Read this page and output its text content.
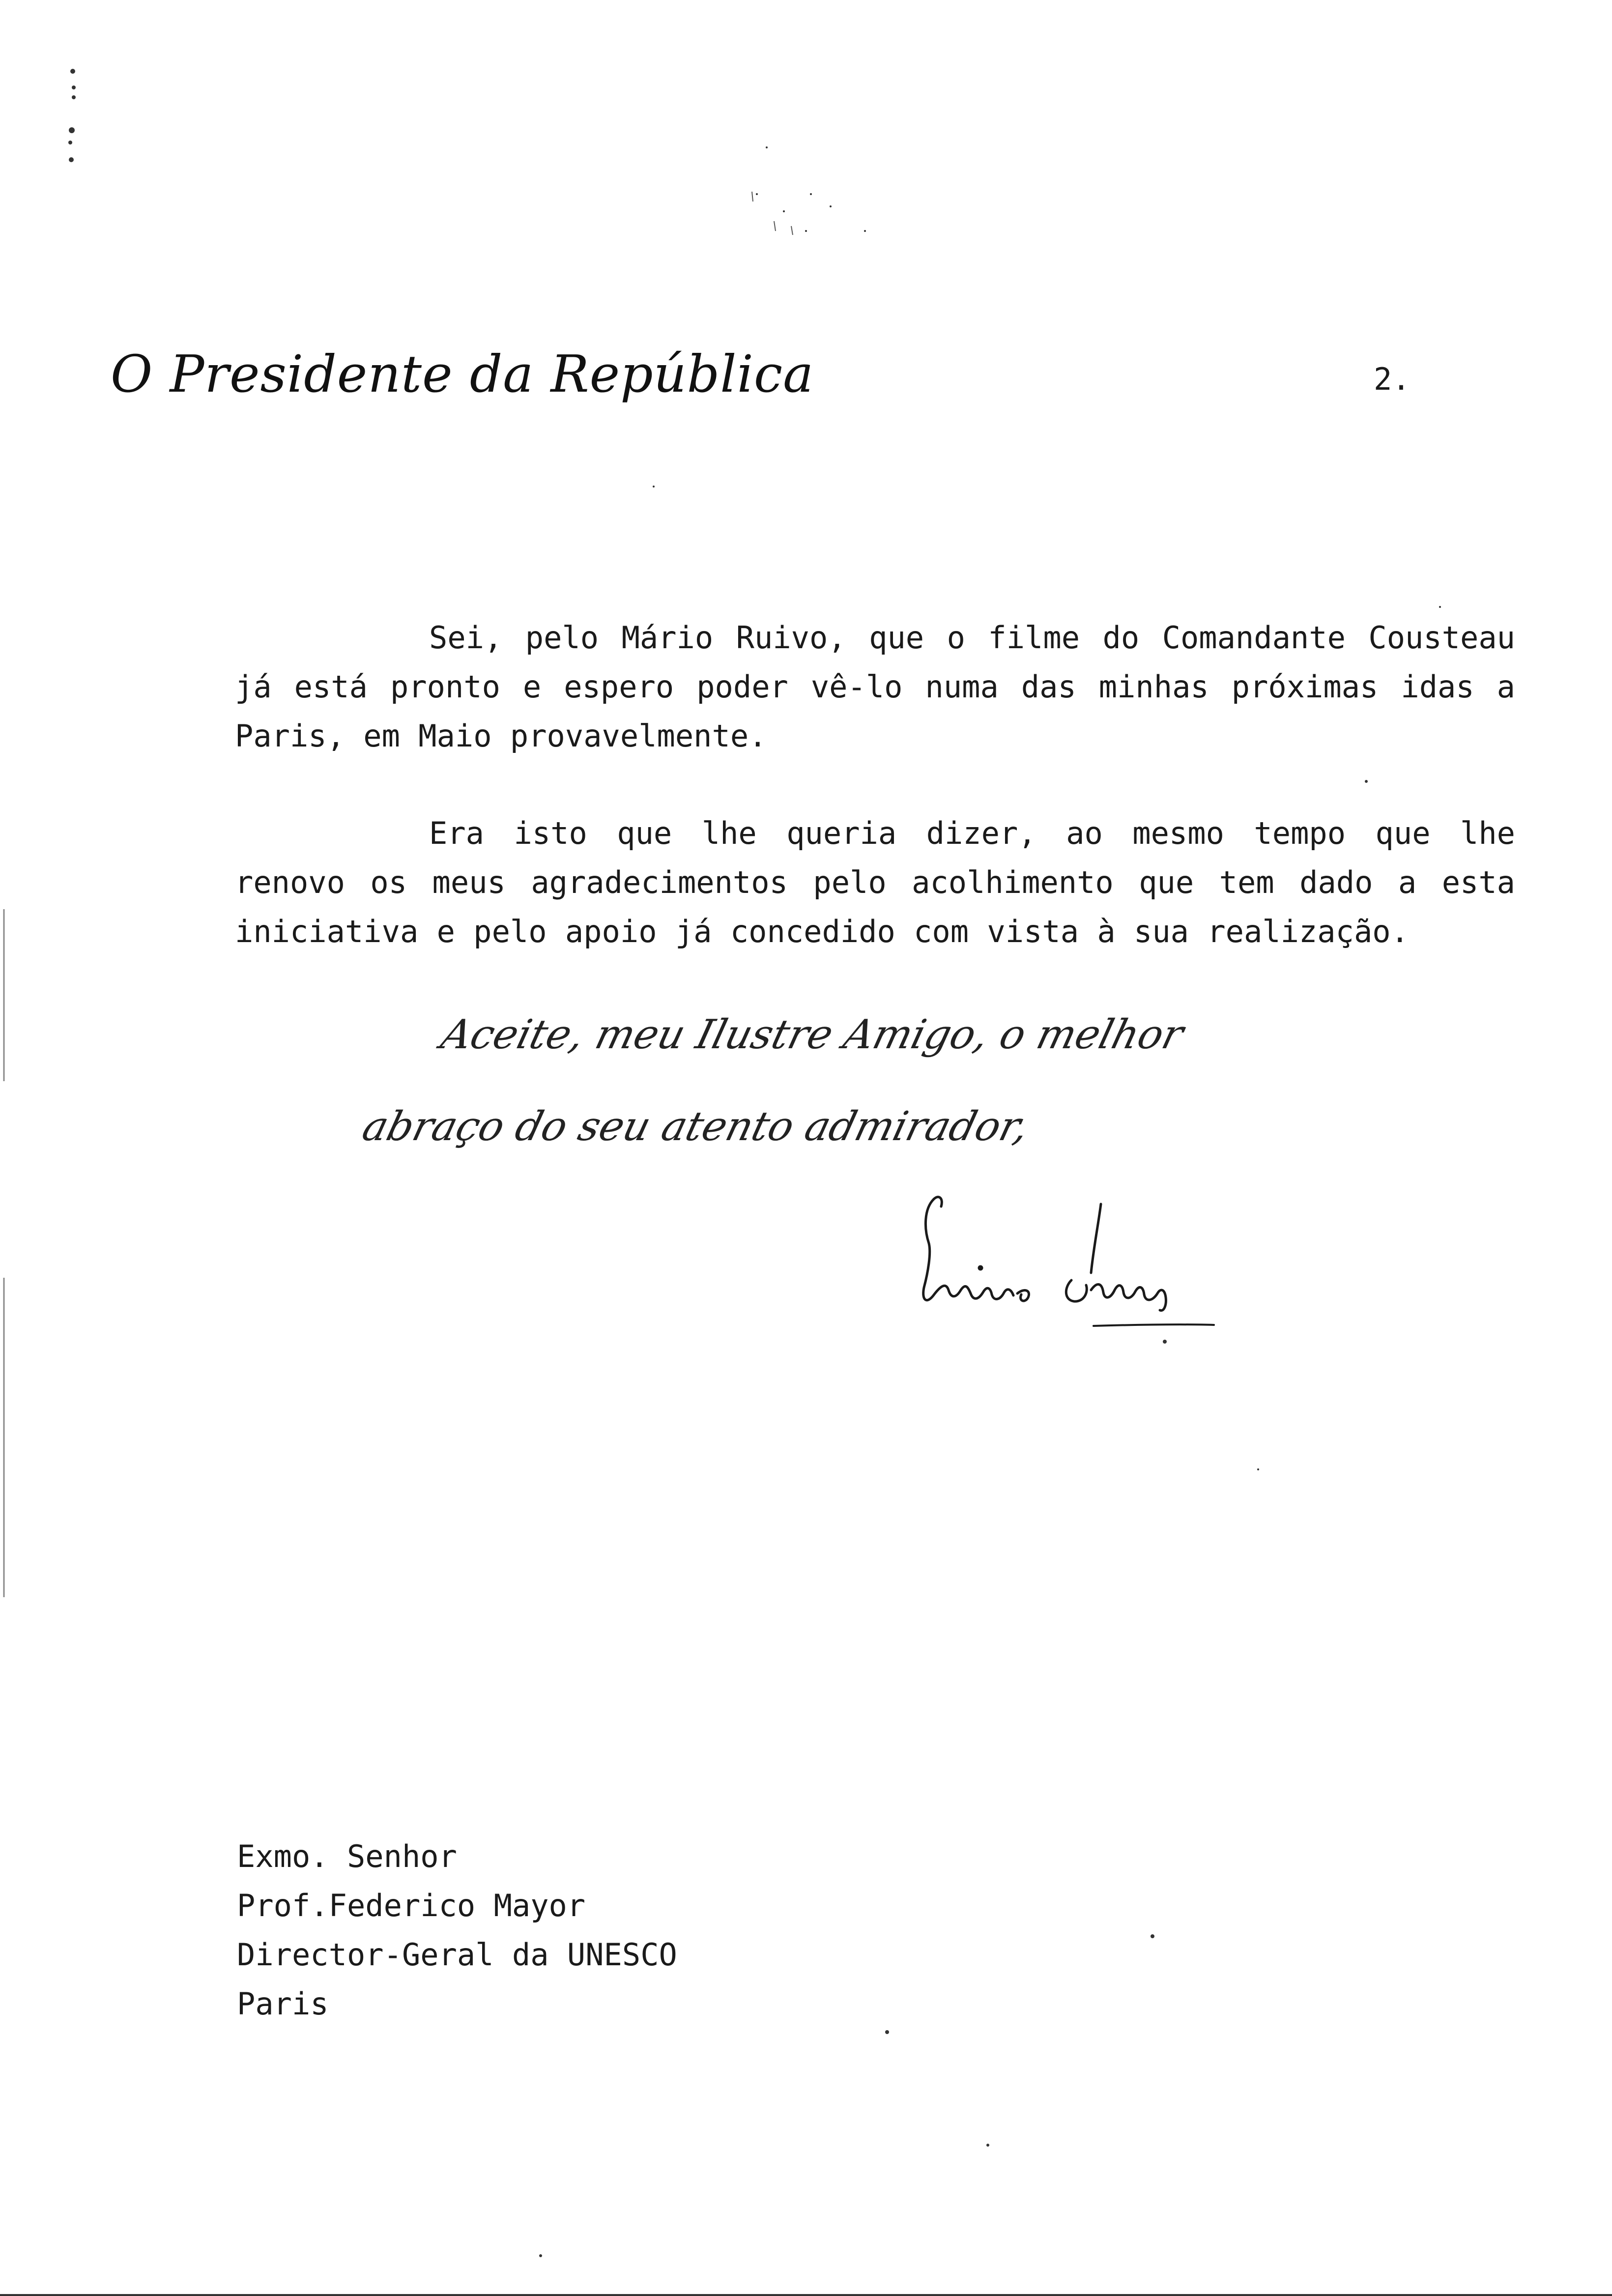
O Presidente da República	2.

Sei, pelo Mário Ruivo, que o filme do Comandante Cousteau já está pronto e espero poder vê-lo numa das minhas próximas idas a Paris, em Maio provavelmente.

Era isto que lhe queria dizer, ao mesmo tempo que lhe renovo os meus agradecimentos pelo acolhimento que tem dado a esta iniciativa e pelo apoio já concedido com vista à sua realização.

Aceite, meu Ilustre Amigo, o melhor
abraço do seu atento admirador,
Exmo. Senhor
Prof.Federico Mayor
Director-Geral da UNESCO
Paris
